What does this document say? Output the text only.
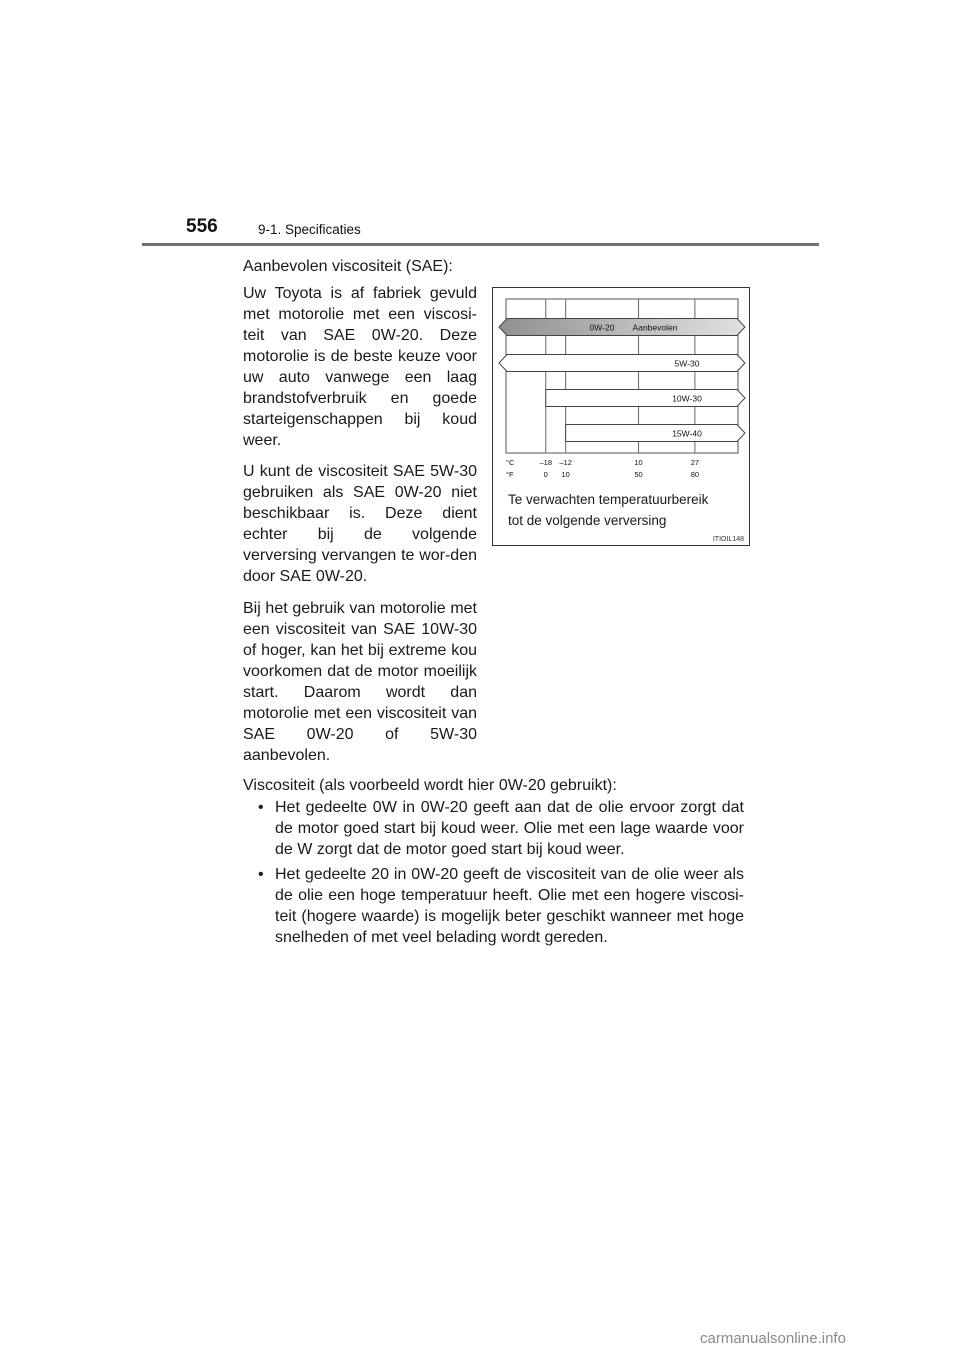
556	9-1. Specificaties

Aanbevolen viscositeit (SAE):

Uw Toyota is af fabriek gevuld met motorolie met een viscosi-teit van SAE 0W-20. Deze motorolie is de beste keuze voor uw auto vanwege een laag brandstofverbruik en goede starteigenschappen bij koud weer.

U kunt de viscositeit SAE 5W-30 gebruiken als SAE 0W-20 niet beschikbaar is. Deze dient echter bij de volgende verversing vervangen te wor-den door SAE 0W-20.

Bij het gebruik van motorolie met een viscositeit van SAE 10W-30 of hoger, kan het bij extreme kou voorkomen dat de motor moeilijk start. Daarom wordt dan motorolie met een viscositeit van SAE 0W-20 of 5W-30 aanbevolen.

0W-20 Aanbevolen
5W-30
10W-30
15W-40
°C	–18 –12	10	27
°F	0 10	50	80
Te verwachten temperatuurbereik
tot de volgende verversing
ITIOIL148

Viscositeit (als voorbeeld wordt hier 0W-20 gebruikt):

• Het gedeelte 0W in 0W-20 geeft aan dat de olie ervoor zorgt dat de motor goed start bij koud weer. Olie met een lage waarde voor de W zorgt dat de motor goed start bij koud weer.
• Het gedeelte 20 in 0W-20 geeft de viscositeit van de olie weer als de olie een hoge temperatuur heeft. Olie met een hogere viscosi-teit (hogere waarde) is mogelijk beter geschikt wanneer met hoge snelheden of met veel belading wordt gereden.
carmanualsonline.info
